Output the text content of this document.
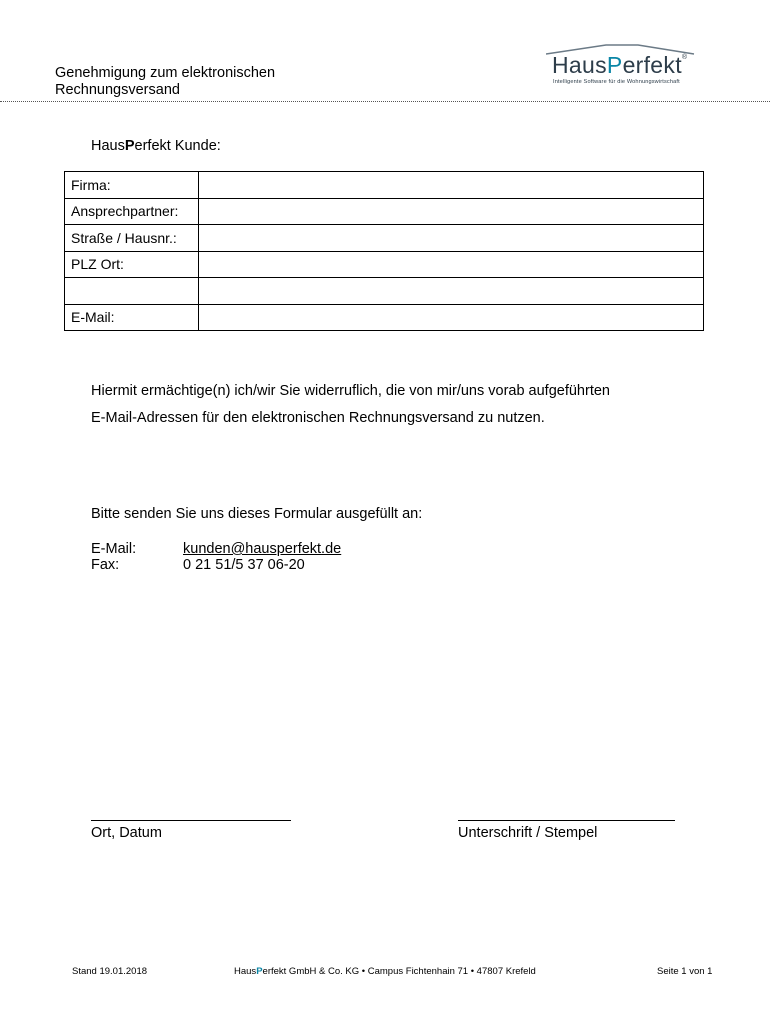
Genehmigung zum elektronischen
Rechnungsversand
HausPerfekt®
Intelligente Software für die Wohnungswirtschaft
HausPerfekt Kunde:
Firma:	
Ansprechpartner:	
Straße / Hausnr.:	
PLZ Ort:	

E-Mail:	
Hiermit ermächtige(n) ich/wir Sie widerruflich, die von mir/uns vorab aufgeführten
E-Mail-Adressen für den elektronischen Rechnungsversand zu nutzen.
Bitte senden Sie uns dieses Formular ausgefüllt an:
E-Mail:	kunden@hausperfekt.de
Fax:	0 21 51/5 37 06-20
Ort, Datum	Unterschrift / Stempel
Stand 19.01.2018	HausPerfekt GmbH & Co. KG • Campus Fichtenhain 71 • 47807 Krefeld	Seite 1 von 1
